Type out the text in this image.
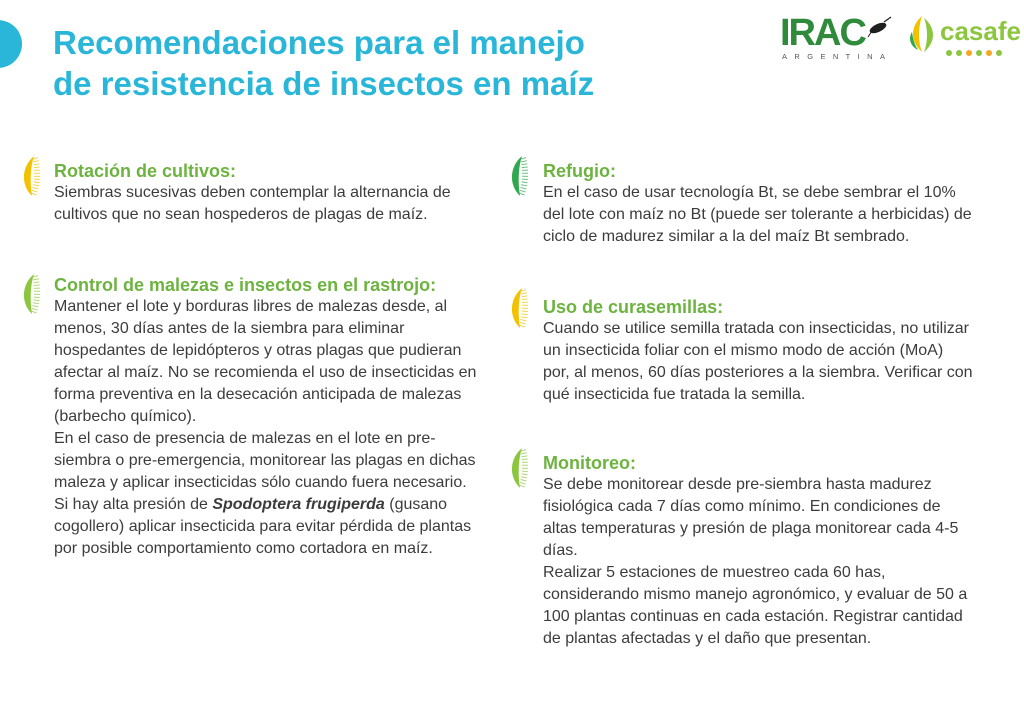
Recomendaciones para el manejo
de resistencia de insectos en maíz
IRAC
ARGENTINA
casafe
Rotación de cultivos:

Siembras sucesivas deben contemplar la alternancia de cultivos que no sean hospederos de plagas de maíz.

Control de malezas e insectos en el rastrojo:

Mantener el lote y borduras libres de malezas desde, al menos, 30 días antes de la siembra para eliminar hospedantes de lepidópteros y otras plagas que pudieran afectar al maíz. No se recomienda el uso de insecticidas en forma preventiva en la desecación anticipada de malezas (barbecho químico).

En el caso de presencia de malezas en el lote en pre-siembra o pre-emergencia, monitorear las plagas en dichas maleza y aplicar insecticidas sólo cuando fuera necesario. Si hay alta presión de Spodoptera frugiperda (gusano cogollero) aplicar insecticida para evitar pérdida de plantas por posible comportamiento como cortadora en maíz.

Refugio:

En el caso de usar tecnología Bt, se debe sembrar el 10% del lote con maíz no Bt (puede ser tolerante a herbicidas) de ciclo de madurez similar a la del maíz Bt sembrado.

Uso de curasemillas:

Cuando se utilice semilla tratada con insecticidas, no utilizar un insecticida foliar con el mismo modo de acción (MoA) por, al menos, 60 días posteriores a la siembra. Verificar con qué insecticida fue tratada la semilla.

Monitoreo:

Se debe monitorear desde pre-siembra hasta madurez fisiológica cada 7 días como mínimo. En condiciones de altas temperaturas y presión de plaga monitorear cada 4-5 días.

Realizar 5 estaciones de muestreo cada 60 has, considerando mismo manejo agronómico, y evaluar de 50 a 100 plantas continuas en cada estación. Registrar cantidad de plantas afectadas y el daño que presentan.
